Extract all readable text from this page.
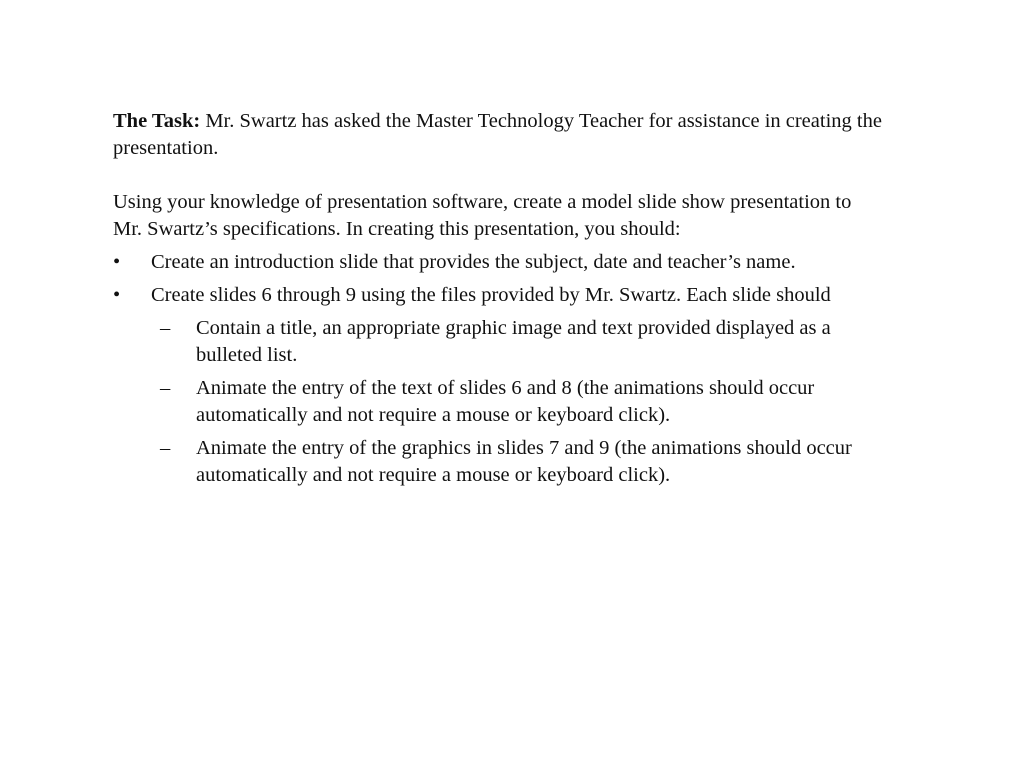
The Task: Mr. Swartz has asked the Master Technology Teacher for assistance in creating the presentation.

Using your knowledge of presentation software, create a model slide show presentation to Mr. Swartz’s specifications. In creating this presentation, you should:

• Create an introduction slide that provides the subject, date and teacher’s name.
• Create slides 6 through 9 using the files provided by Mr. Swartz. Each slide should
– Contain a title, an appropriate graphic image and text provided displayed as a bulleted list.
– Animate the entry of the text of slides 6 and 8 (the animations should occur automatically and not require a mouse or keyboard click).
– Animate the entry of the graphics in slides 7 and 9 (the animations should occur automatically and not require a mouse or keyboard click).
